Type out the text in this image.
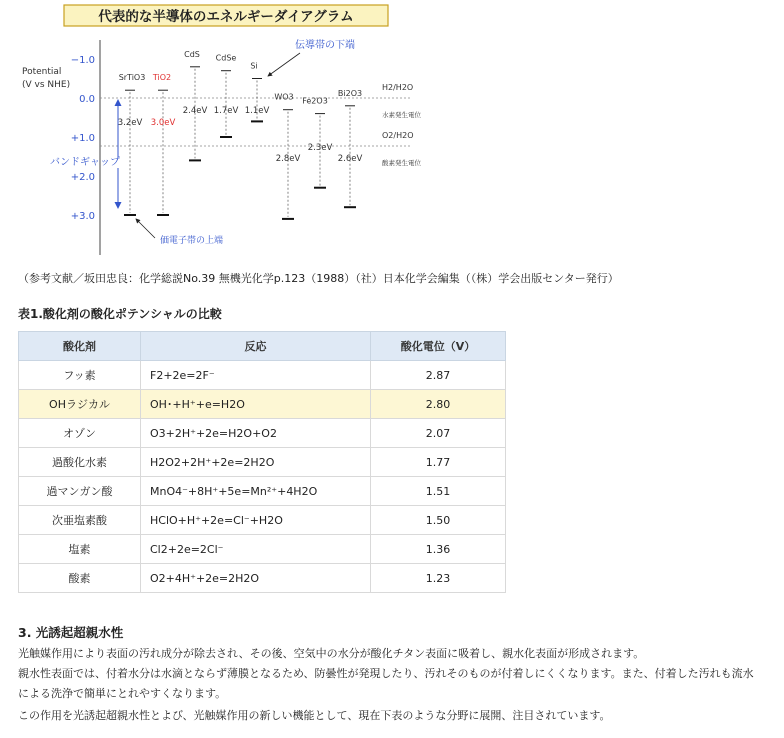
代表的な半導体のエネルギーダイアグラム
Potential
(V vs NHE)
−1.0
0.0
+1.0
+2.0
+3.0
H2/H2O
水素発生電位
O2/H2O
酸素発生電位
SrTiO3
3.2eV
TiO2
3.0eV
CdS
2.4eV
CdSe
1.7eV
Si
1.1eV
WO3
2.8eV
Fe2O3
2.3eV
Bi2O3
2.6eV
伝導帯の下端
価電子帯の上端
バンドギャップ
（参考文献／坂田忠良：化学総説No.39 無機光化学p.123（1988）（社）日本化学会編集（（株）学会出版センター発行）
表1.酸化剤の酸化ポテンシャルの比較
酸化剤	反応	酸化電位（V）
フッ素	F2+2e=2F⁻	2.87
OHラジカル	OH･+H⁺+e=H2O	2.80
オゾン	O3+2H⁺+2e=H2O+O2	2.07
過酸化水素	H2O2+2H⁺+2e=2H2O	1.77
過マンガン酸	MnO4⁻+8H⁺+5e=Mn²⁺+4H2O	1.51
次亜塩素酸	HClO+H⁺+2e=Cl⁻+H2O	1.50
塩素	Cl2+2e=2Cl⁻	1.36
酸素	O2+4H⁺+2e=2H2O	1.23
3. 光誘起超親水性
光触媒作用により表面の汚れ成分が除去され、その後、空気中の水分が酸化チタン表面に吸着し、親水化表面が形成されます。
親水性表面では、付着水分は水滴とならず薄膜となるため、防曇性が発現したり、汚れそのものが付着しにくくなります。また、付着した汚れも流水
による洗浄で簡単にとれやすくなります。
この作用を光誘起超親水性とよび、光触媒作用の新しい機能として、現在下表のような分野に展開、注目されています。
